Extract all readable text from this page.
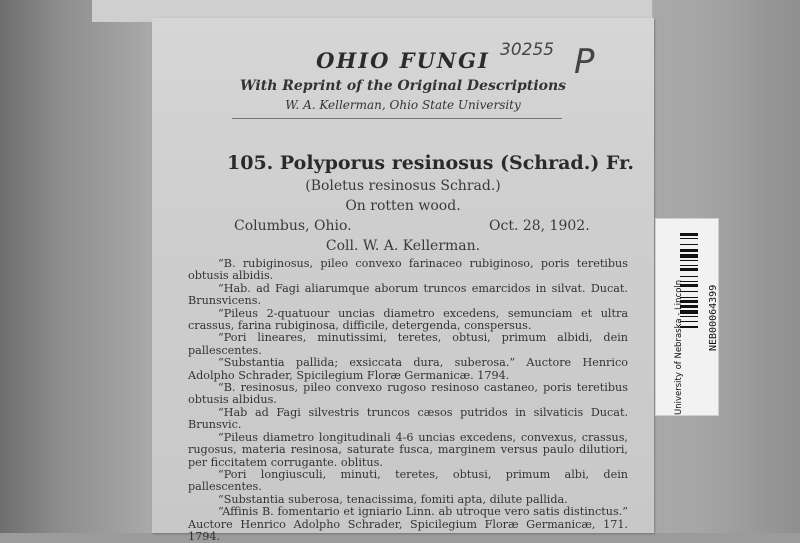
OHIO FUNGI 30255 P
With Reprint of the Original Descriptions
W. A. Kellerman, Ohio State University
105. Polyporus resinosus (Schrad.) Fr.
(Boletus resinosus Schrad.)
On rotten wood.
Columbus, Ohio.	Oct. 28, 1902.
Coll. W. A. Kellerman.

“B. rubiginosus, pileo convexo farinaceo rubiginoso, poris teretibus obtusis albidis.

“Hab. ad Fagi aliarumque aborum truncos emarcidos in silvat. Ducat. Brunsvicens.

“Pileus 2-quatuour uncias diametro excedens, semunciam et ultra crassus, farina rubiginosa, difficile, detergenda, conspersus.

“Pori lineares, minutissimi, teretes, obtusi, primum albidi, dein pallescentes.

“Substantia pallida; exsiccata dura, suberosa.” Auctore Henrico Adolpho Schrader, Spicilegium Floræ Germanicæ. 1794.

“B. resinosus, pileo convexo rugoso resinoso castaneo, poris teretibus obtusis albidus.

“Hab ad Fagi silvestris truncos cæsos putridos in silvaticis Ducat. Brunsvic.

“Pileus diametro longitudinali 4-6 uncias excedens, convexus, crassus, rugosus, materia resinosa, saturate fusca, marginem versus paulo dilutiori, per ficcitatem corrugante. oblitus.

“Pori longiusculi, minuti, teretes, obtusi, primum albi, dein pallescentes.

“Substantia suberosa, tenacissima, fomiti apta, dilute pallida.

“Affinis B. fomentario et igniario Linn. ab utroque vero satis distinctus.” Auctore Henrico Adolpho Schrader, Spicilegium Floræ Germanicæ, 171. 1794.

NEB00064399
University of Nebraska - Lincoln
